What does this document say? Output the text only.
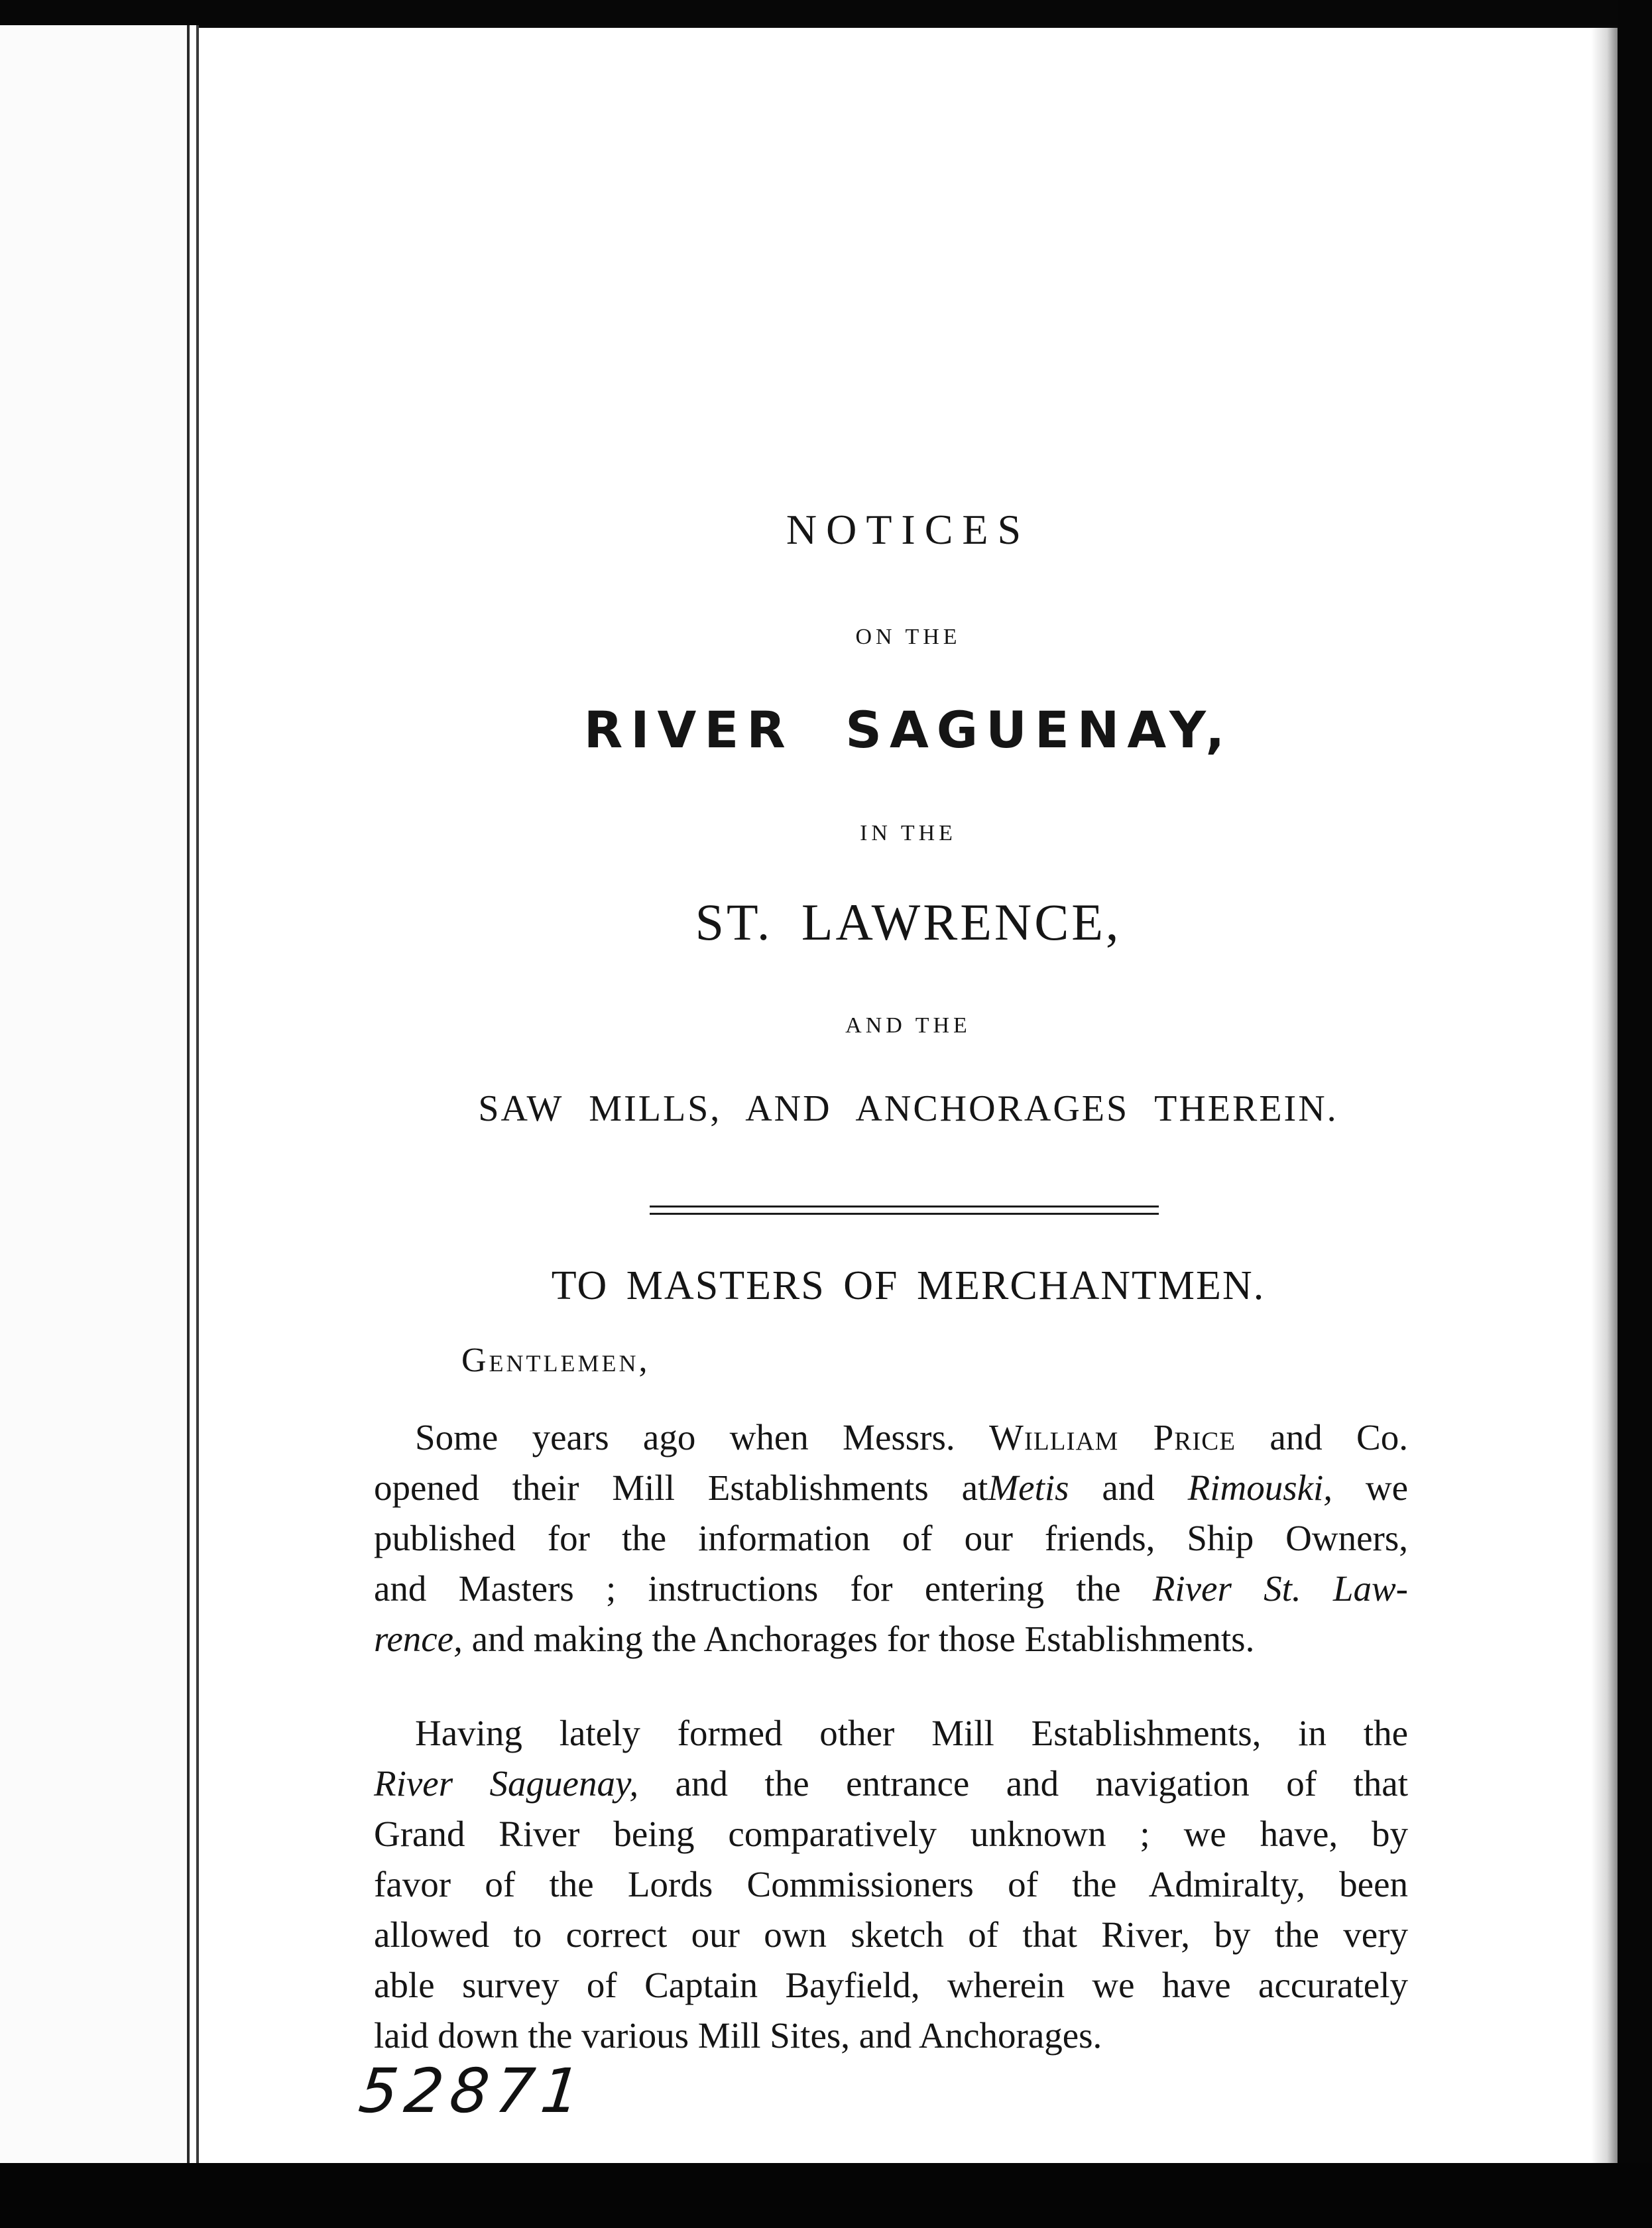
NOTICES
ON THE
RIVER SAGUENAY,
IN THE
ST. LAWRENCE,
AND THE
SAW MILLS, AND ANCHORAGES THEREIN.
TO MASTERS OF MERCHANTMEN.
Gentlemen,
Some years ago when Messrs. William Price and Co.
opened their Mill Establishments atMetis and Rimouski, we
published for the information of our friends, Ship Owners,
and Masters ; instructions for entering the River St. Law-
rence, and making the Anchorages for those Establishments.
Having lately formed other Mill Establishments, in the
River Saguenay, and the entrance and navigation of that
Grand River being comparatively unknown ; we have, by
favor of the Lords Commissioners of the Admiralty, been
allowed to correct our own sketch of that River, by the very
able survey of Captain Bayfield, wherein we have accurately
laid down the various Mill Sites, and Anchorages.
52871
